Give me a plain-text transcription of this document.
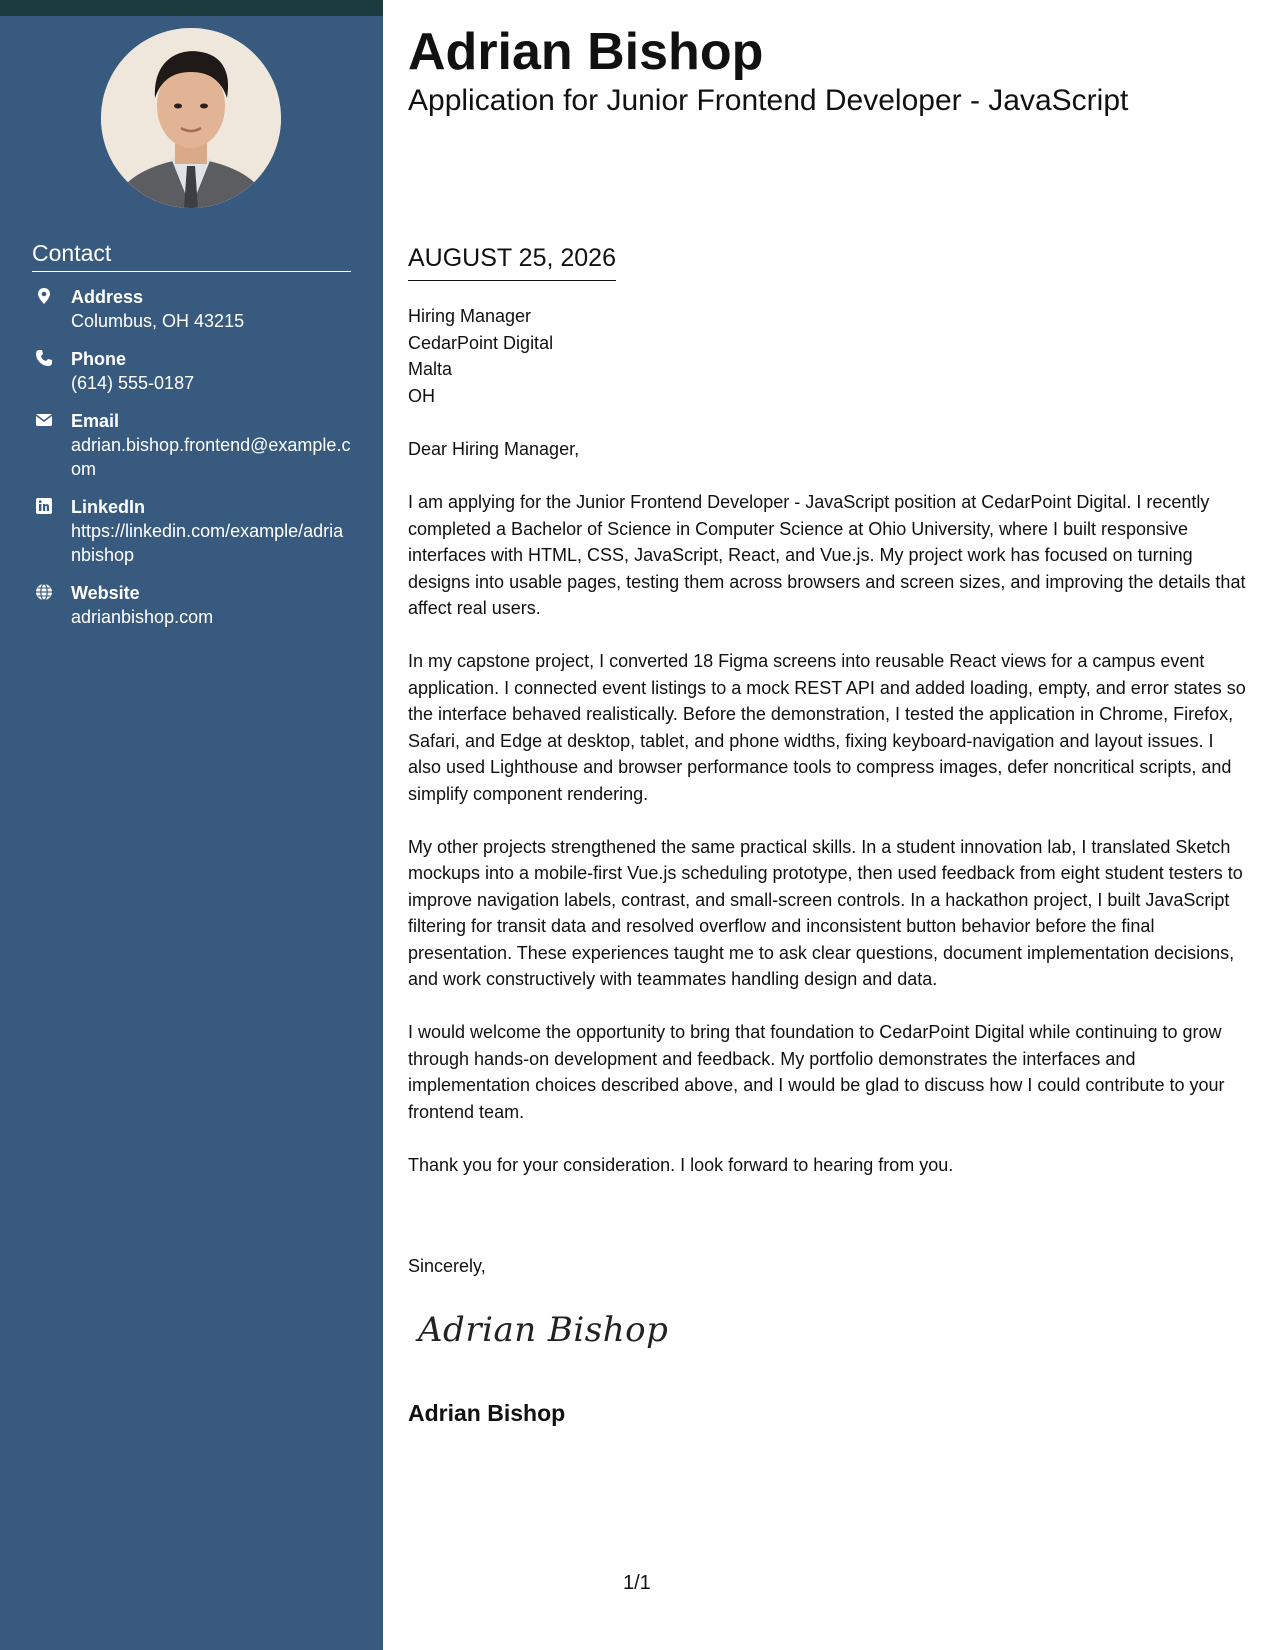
Contact
Address
Columbus, OH 43215
Phone
(614) 555-0187
Email
adrian.bishop.frontend@example.com
LinkedIn
https://linkedin.com/example/adrianbishop
Website
adrianbishop.com
Adrian Bishop
Application for Junior Frontend Developer - JavaScript
AUGUST 25, 2026
Hiring Manager
CedarPoint Digital
Malta
OH

Dear Hiring Manager,

I am applying for the Junior Frontend Developer - JavaScript position at CedarPoint Digital. I recently completed a Bachelor of Science in Computer Science at Ohio University, where I built responsive interfaces with HTML, CSS, JavaScript, React, and Vue.js. My project work has focused on turning designs into usable pages, testing them across browsers and screen sizes, and improving the details that affect real users.

In my capstone project, I converted 18 Figma screens into reusable React views for a campus event application. I connected event listings to a mock REST API and added loading, empty, and error states so the interface behaved realistically. Before the demonstration, I tested the application in Chrome, Firefox, Safari, and Edge at desktop, tablet, and phone widths, fixing keyboard-navigation and layout issues. I also used Lighthouse and browser performance tools to compress images, defer noncritical scripts, and simplify component rendering.

My other projects strengthened the same practical skills. In a student innovation lab, I translated Sketch mockups into a mobile-first Vue.js scheduling prototype, then used feedback from eight student testers to improve navigation labels, contrast, and small-screen controls. In a hackathon project, I built JavaScript filtering for transit data and resolved overflow and inconsistent button behavior before the final presentation. These experiences taught me to ask clear questions, document implementation decisions, and work constructively with teammates handling design and data.

I would welcome the opportunity to bring that foundation to CedarPoint Digital while continuing to grow through hands-on development and feedback. My portfolio demonstrates the interfaces and implementation choices described above, and I would be glad to discuss how I could contribute to your frontend team.

Thank you for your consideration. I look forward to hearing from you.

Sincerely,
Adrian Bishop
Adrian Bishop
1/1
